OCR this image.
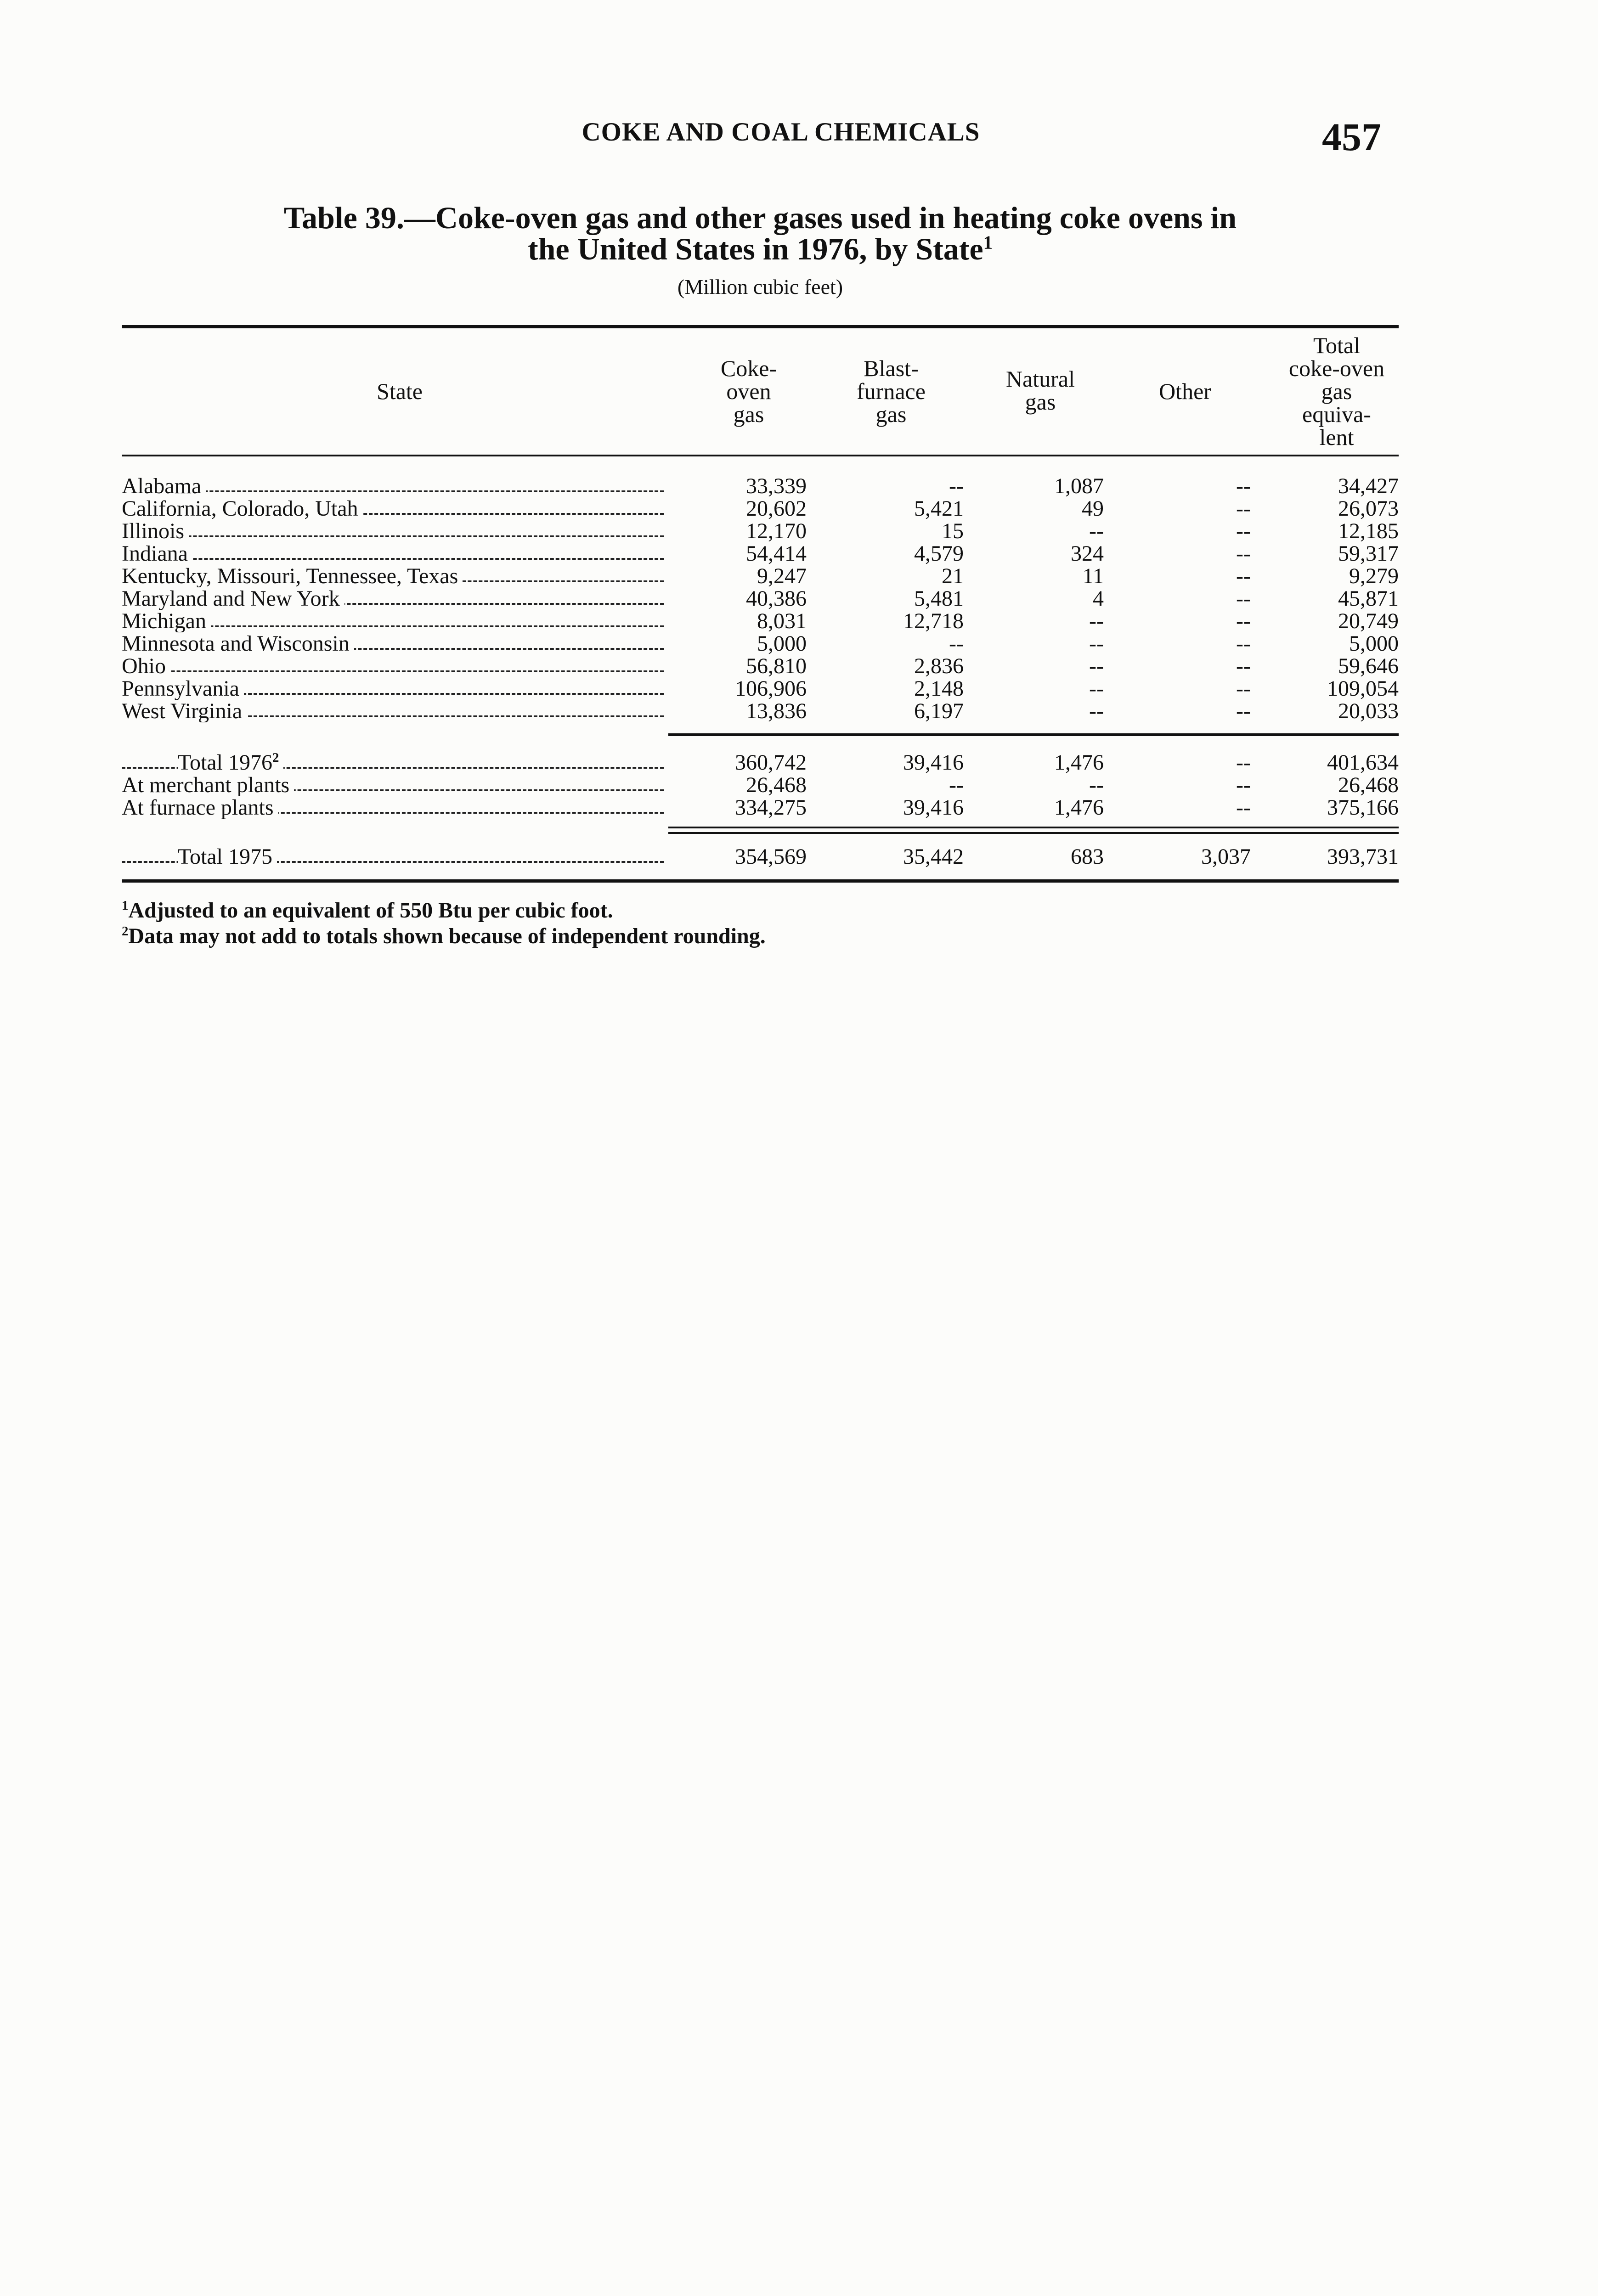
COKE AND COAL CHEMICALS	457
Table 39.—Coke-oven gas and other gases used in heating coke ovens in
the United States in 1976, by State$^1$
(Million cubic feet)
State
Coke-
oven
gas
Blast-
furnace
gas
Natural
gas	Other
Total
coke-oven
gas
equiva-
lent
Alabama	33,339	--	1,087	--	34,427
California, Colorado, Utah	20,602	5,421	49	--	26,073
Illinois	12,170	15	--	--	12,185
Indiana	54,414	4,579	324	--	59,317
Kentucky, Missouri, Tennessee, Texas	9,247	21	11	--	9,279
Maryland and New York	40,386	5,481	4	--	45,871
Michigan	8,031	12,718	--	--	20,749
Minnesota and Wisconsin	5,000	--	--	--	5,000
Ohio	56,810	2,836	--	--	59,646
Pennsylvania	106,906	2,148	--	--	109,054
West Virginia	13,836	6,197	--	--	20,033
Total 1976$^2$	360,742	39,416	1,476	--	401,634
At merchant plants	26,468	--	--	--	26,468
At furnace plants	334,275	39,416	1,476	--	375,166
Total 1975	354,569	35,442	683	3,037	393,731
$^1$Adjusted to an equivalent of 550 Btu per cubic foot.
$^2$Data may not add to totals shown because of independent rounding.
